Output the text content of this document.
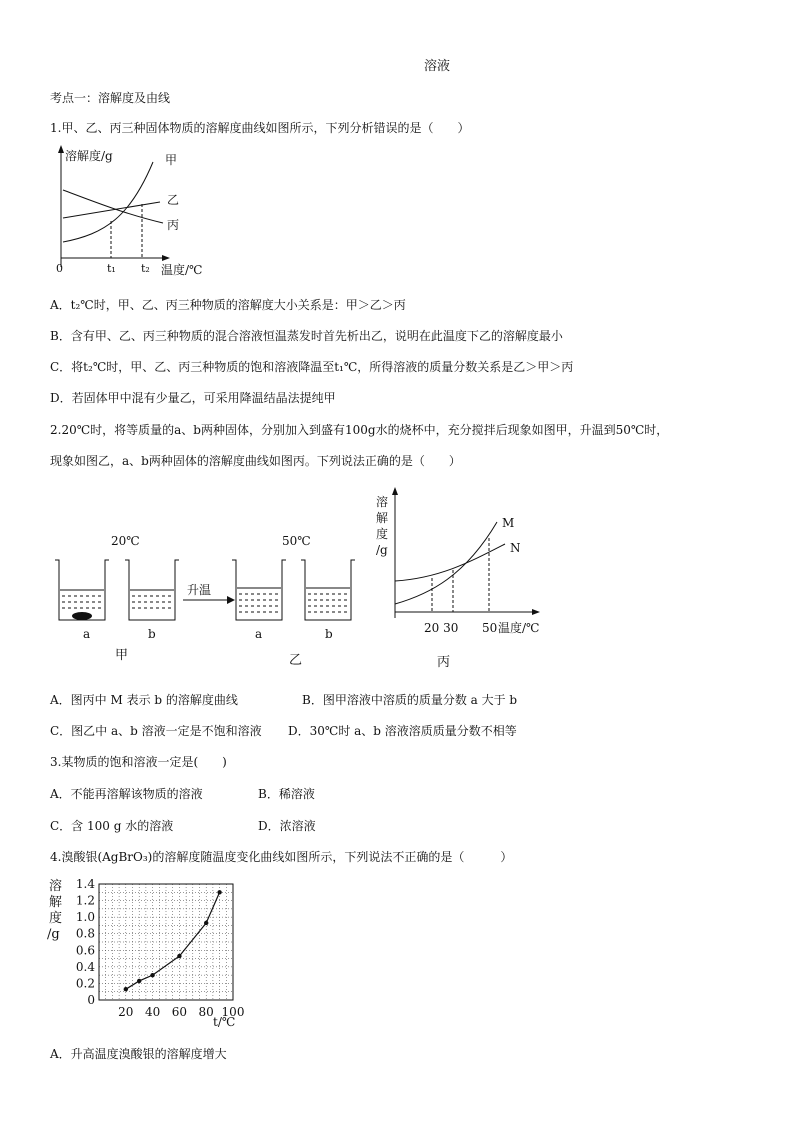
溶液
考点一：溶解度及由线
1.甲、乙、丙三种固体物质的溶解度曲线如图所示，下列分析错误的是（　　）
溶解度/g
0	t₁ t₂ 温度/℃
甲
乙
丙
A．t₂℃时，甲、乙、丙三种物质的溶解度大小关系是：甲＞乙＞丙
B．含有甲、乙、丙三种物质的混合溶液恒温蒸发时首先析出乙，说明在此温度下乙的溶解度最小
C．将t₂℃时，甲、乙、丙三种物质的饱和溶液降温至t₁℃，所得溶液的质量分数关系是乙＞甲＞丙
D．若固体甲中混有少量乙，可采用降温结晶法提纯甲
2.20℃时，将等质量的a、b两种固体，分别加入到盛有100g水的烧杯中，充分搅拌后现象如图甲，升温到50℃时，
现象如图乙，a、b两种固体的溶解度曲线如图丙。下列说法正确的是（　　）
20℃
a	b
甲
升温
50℃
a	b
乙
溶
解
度
/g
M
N
20 30 50 温度/℃
丙
A．图丙中 M 表示 b 的溶解度曲线	B．图甲溶液中溶质的质量分数 a 大于 b
C．图乙中 a、b 溶液一定是不饱和溶液 D．30℃时 a、b 溶液溶质质量分数不相等
3.某物质的饱和溶液一定是(　　)
A．不能再溶解该物质的溶液	B．稀溶液
C．含 100 g 水的溶液	D．浓溶液
4.溴酸银(AgBrO₃)的溶解度随温度变化曲线如图所示，下列说法不正确的是（　　　）
溶
解
度
/g
1.4
1.2
1.0
0.8
0.6
0.4
0.2
0
20 40 60 80 100
t/℃
A．升高温度溴酸银的溶解度增大
